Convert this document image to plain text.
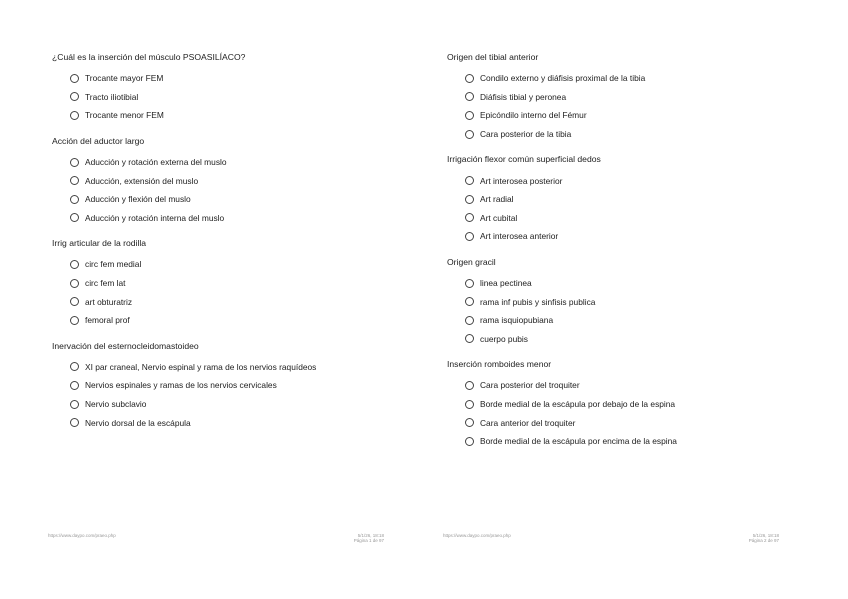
¿Cuál es la inserción del músculo PSOASILÍACO?
Trocante mayor FEM
Tracto iliotibial
Trocante menor FEM
Acción del aductor largo
Aducción y rotación externa del muslo
Aducción, extensión del muslo
Aducción y flexión del muslo
Aducción y rotación interna del muslo
Irrig articular de la rodilla
circ fem medial
circ fem lat
art obturatriz
femoral prof
Inervación del esternocleidomastoideo
XI par craneal, Nervio espinal y rama de los nervios raquídeos
Nervios espinales y ramas de los nervios cervicales
Nervio subclavio
Nervio dorsal de la escápula
Origen del tibial anterior
Condilo externo y diáfisis proximal de la tibia
Diáfisis tibial y peronea
Epicóndilo interno del Fémur
Cara posterior de la tibia
Irrigación flexor común superficial dedos
Art interosea posterior
Art radial
Art cubital
Art interosea anterior
Origen gracil
linea pectinea
rama inf pubis y sinfisis publica
rama isquiopubiana
cuerpo pubis
Inserción romboides menor
Cara posterior del troquiter
Borde medial de la escápula por debajo de la espina
Cara anterior del troquiter
Borde medial de la escápula por encima de la espina
https://www.daypo.com/praeo.php	5/1/26, 18:18
Página 1 de 97
https://www.daypo.com/praeo.php	5/1/26, 18:18
Página 2 de 97
